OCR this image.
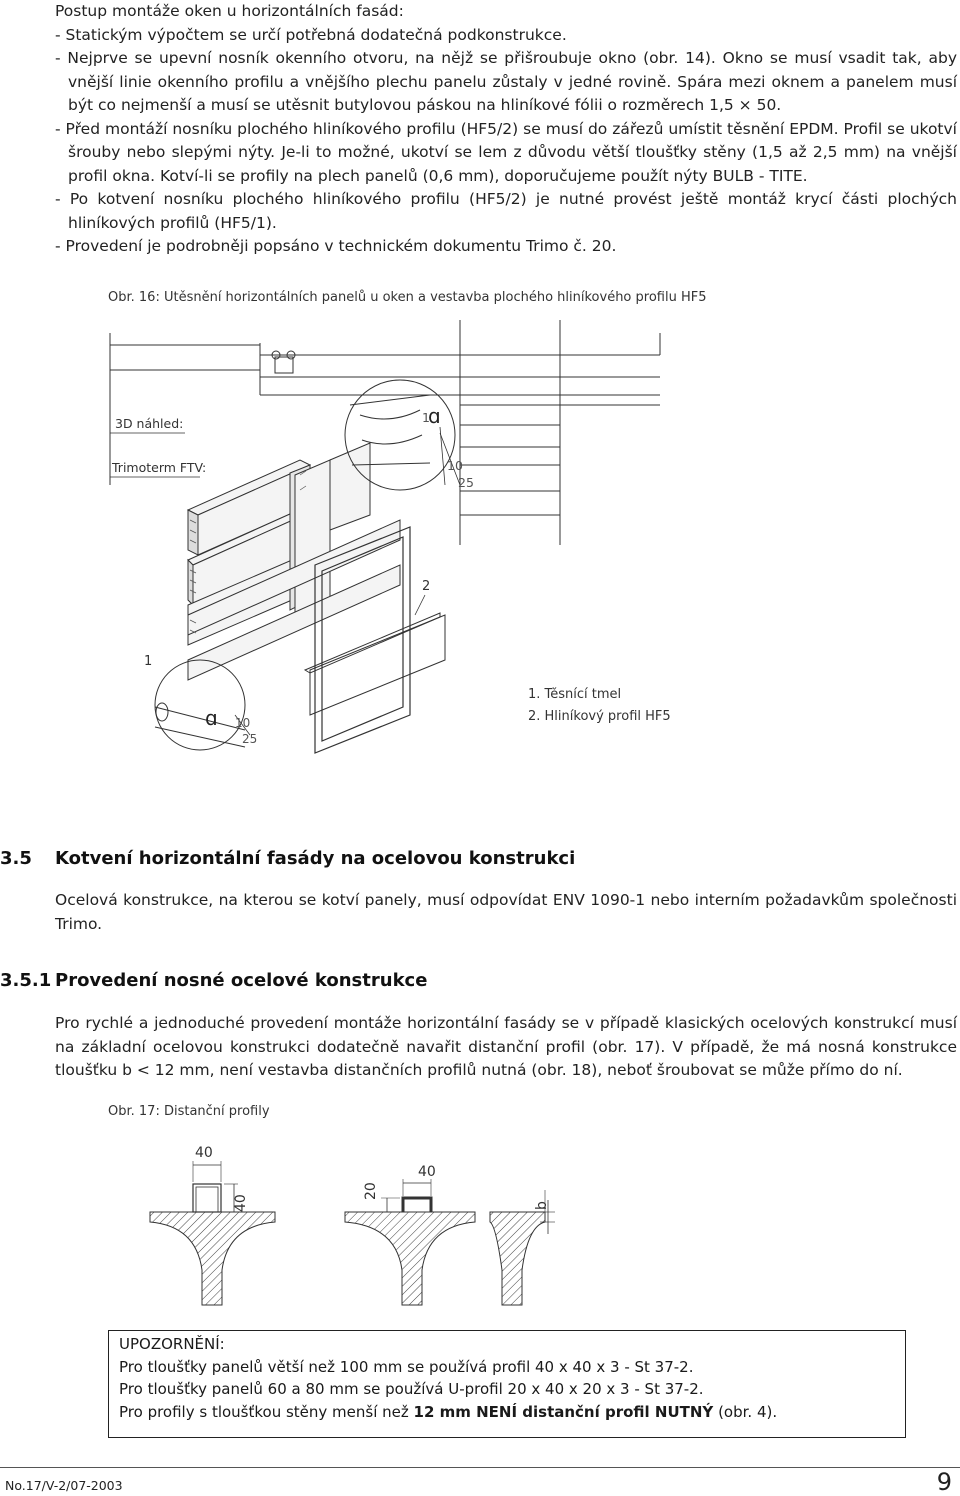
Postup montáže oken u horizontálních fasád:
- Statickým výpočtem se určí potřebná dodatečná podkonstrukce.
- Nejprve se upevní nosník okenního otvoru, na nějž se přišroubuje okno (obr. 14). Okno se musí vsadit tak, aby vnější linie okenního profilu a vnějšího plechu panelu zůstaly v jedné rovině. Spára mezi oknem a panelem musí být co nejmenší a musí se utěsnit butylovou páskou na hliníkové fólii o rozměrech 1,5 × 50.
- Před montáží nosníku plochého hliníkového profilu (HF5/2) se musí do zářezů umístit těsnění EPDM. Profil se ukotví šrouby nebo slepými nýty. Je-li to možné, ukotví se lem z důvodu větší tloušťky stěny (1,5 až 2,5 mm) na vnější profil okna. Kotví-li se profily na plech panelů (0,6 mm), doporučujeme použít nýty BULB - TITE.
- Po kotvení nosníku plochého hliníkového profilu (HF5/2) je nutné provést ještě montáž krycí části plochých hliníkových profilů (HF5/1).
- Provedení je podrobněji popsáno v technickém dokumentu Trimo č. 20.
Obr. 16: Utěsnění horizontálních panelů u oken a vestavba plochého hliníkového profilu HF5
3D náhled:
Trimoterm FTV:
ɑ
1
10
25
ɑ
2
1
10
25
1. Těsnící tmel
2. Hliníkový profil HF5
3.5 Kotvení horizontální fasády na ocelovou konstrukci
Ocelová konstrukce, na kterou se kotví panely, musí odpovídat ENV 1090-1 nebo interním požadavkům společnosti Trimo.
3.5.1 Provedení nosné ocelové konstrukce
Pro rychlé a jednoduché provedení montáže horizontální fasády se v případě klasických ocelových konstrukcí musí na základní ocelovou konstrukci dodatečně navařit distanční profil (obr. 17). V případě, že má nosná konstrukce tloušťku b < 12 mm, není vestavba distančních profilů nutná (obr. 18), neboť šroubovat se může přímo do ní.
Obr. 17: Distanční profily
40
40
20
40
b
UPOZORNĚNÍ:
Pro tloušťky panelů větší než 100 mm se používá profil 40 x 40 x 3 - St 37-2.
Pro tloušťky panelů 60 a 80 mm se používá U-profil 20 x 40 x 20 x 3 - St 37-2.
Pro profily s tloušťkou stěny menší než 12 mm NENÍ distanční profil NUTNÝ (obr. 4).
No.17/V-2/07-2003	9
